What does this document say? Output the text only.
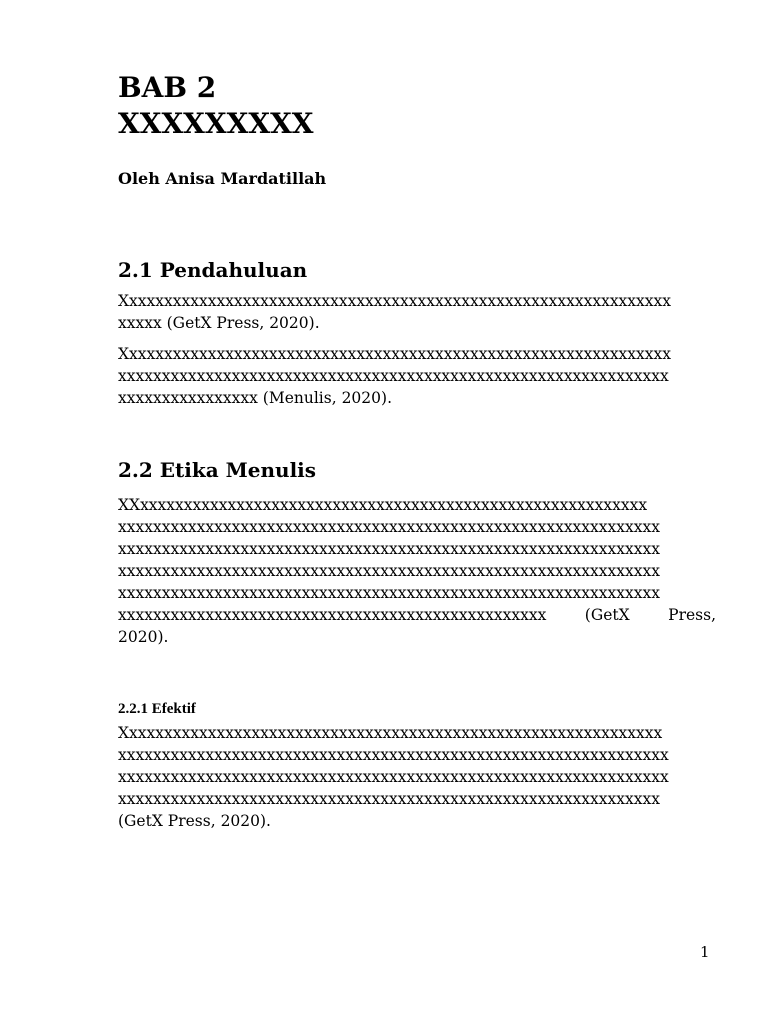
BAB 2
XXXXXXXXX

Oleh Anisa Mardatillah

2.1 Pendahuluan

Xxxxxxxxxxxxxxxxxxxxxxxxxxxxxxxxxxxxxxxxxxxxxxxxxxxxxxxxxxxxxxx
xxxxx (GetX Press, 2020).

Xxxxxxxxxxxxxxxxxxxxxxxxxxxxxxxxxxxxxxxxxxxxxxxxxxxxxxxxxxxxxxx
xxxxxxxxxxxxxxxxxxxxxxxxxxxxxxxxxxxxxxxxxxxxxxxxxxxxxxxxxxxxxxx
xxxxxxxxxxxxxxxx (Menulis, 2020).

2.2 Etika Menulis

XXxxxxxxxxxxxxxxxxxxxxxxxxxxxxxxxxxxxxxxxxxxxxxxxxxxxxxxxxxx
xxxxxxxxxxxxxxxxxxxxxxxxxxxxxxxxxxxxxxxxxxxxxxxxxxxxxxxxxxxxxx
xxxxxxxxxxxxxxxxxxxxxxxxxxxxxxxxxxxxxxxxxxxxxxxxxxxxxxxxxxxxxx
xxxxxxxxxxxxxxxxxxxxxxxxxxxxxxxxxxxxxxxxxxxxxxxxxxxxxxxxxxxxxx
xxxxxxxxxxxxxxxxxxxxxxxxxxxxxxxxxxxxxxxxxxxxxxxxxxxxxxxxxxxxxx
xxxxxxxxxxxxxxxxxxxxxxxxxxxxxxxxxxxxxxxxxxxxxxxxx (GetX Press,
2020).

2.2.1 Efektif

Xxxxxxxxxxxxxxxxxxxxxxxxxxxxxxxxxxxxxxxxxxxxxxxxxxxxxxxxxxxxxx
xxxxxxxxxxxxxxxxxxxxxxxxxxxxxxxxxxxxxxxxxxxxxxxxxxxxxxxxxxxxxxx
xxxxxxxxxxxxxxxxxxxxxxxxxxxxxxxxxxxxxxxxxxxxxxxxxxxxxxxxxxxxxxx
xxxxxxxxxxxxxxxxxxxxxxxxxxxxxxxxxxxxxxxxxxxxxxxxxxxxxxxxxxxxxx
(GetX Press, 2020).

1
